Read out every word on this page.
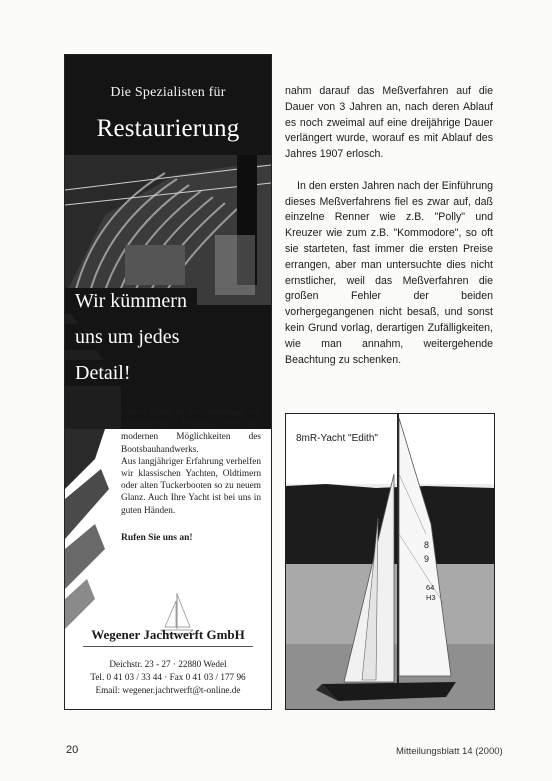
Die Spezialisten für
Restaurierung
Wir kümmern
uns um jedes
Detail!

Unsere Stärke ist die Verbindung von traditionellem Bootsbau mit den modernen Möglichkeiten des Bootsbauhandwerks.

Aus langjähriger Erfahrung verhelfen wir klassischen Yachten, Oldtimern oder alten Tuckerbooten so zu neuem Glanz. Auch Ihre Yacht ist bei uns in guten Händen.

Rufen Sie uns an!
Wegener Jachtwerft GmbH
Deichstr. 23 - 27 · 22880 Wedel
Tel. 0 41 03 / 33 44 · Fax 0 41 03 / 177 96
Email: wegener.jachtwerft@t-online.de

nahm darauf das Meßverfahren auf die Dauer von 3 Jahren an, nach deren Ablauf es noch zweimal auf eine dreijährige Dauer verlängert wurde, worauf es mit Ablauf des Jahres 1907 erlosch.

In den ersten Jahren nach der Einführung dieses Meßverfahrens fiel es zwar auf, daß einzelne Renner wie z.B. "Polly" und Kreuzer wie zum z.B. "Kommodore", so oft sie starteten, fast immer die ersten Preise errangen, aber man untersuchte dies nicht ernstlicher, weil das Meßverfahren die großen Fehler der beiden vorhergegangenen nicht besaß, und sonst kein Grund vorlag, derartigen Zufälligkeiten, wie man annahm, weitergehende Beachtung zu schenken.

8mR-Yacht "Edith"
8
9
64
H3
20	Mitteilungsblatt 14 (2000)
